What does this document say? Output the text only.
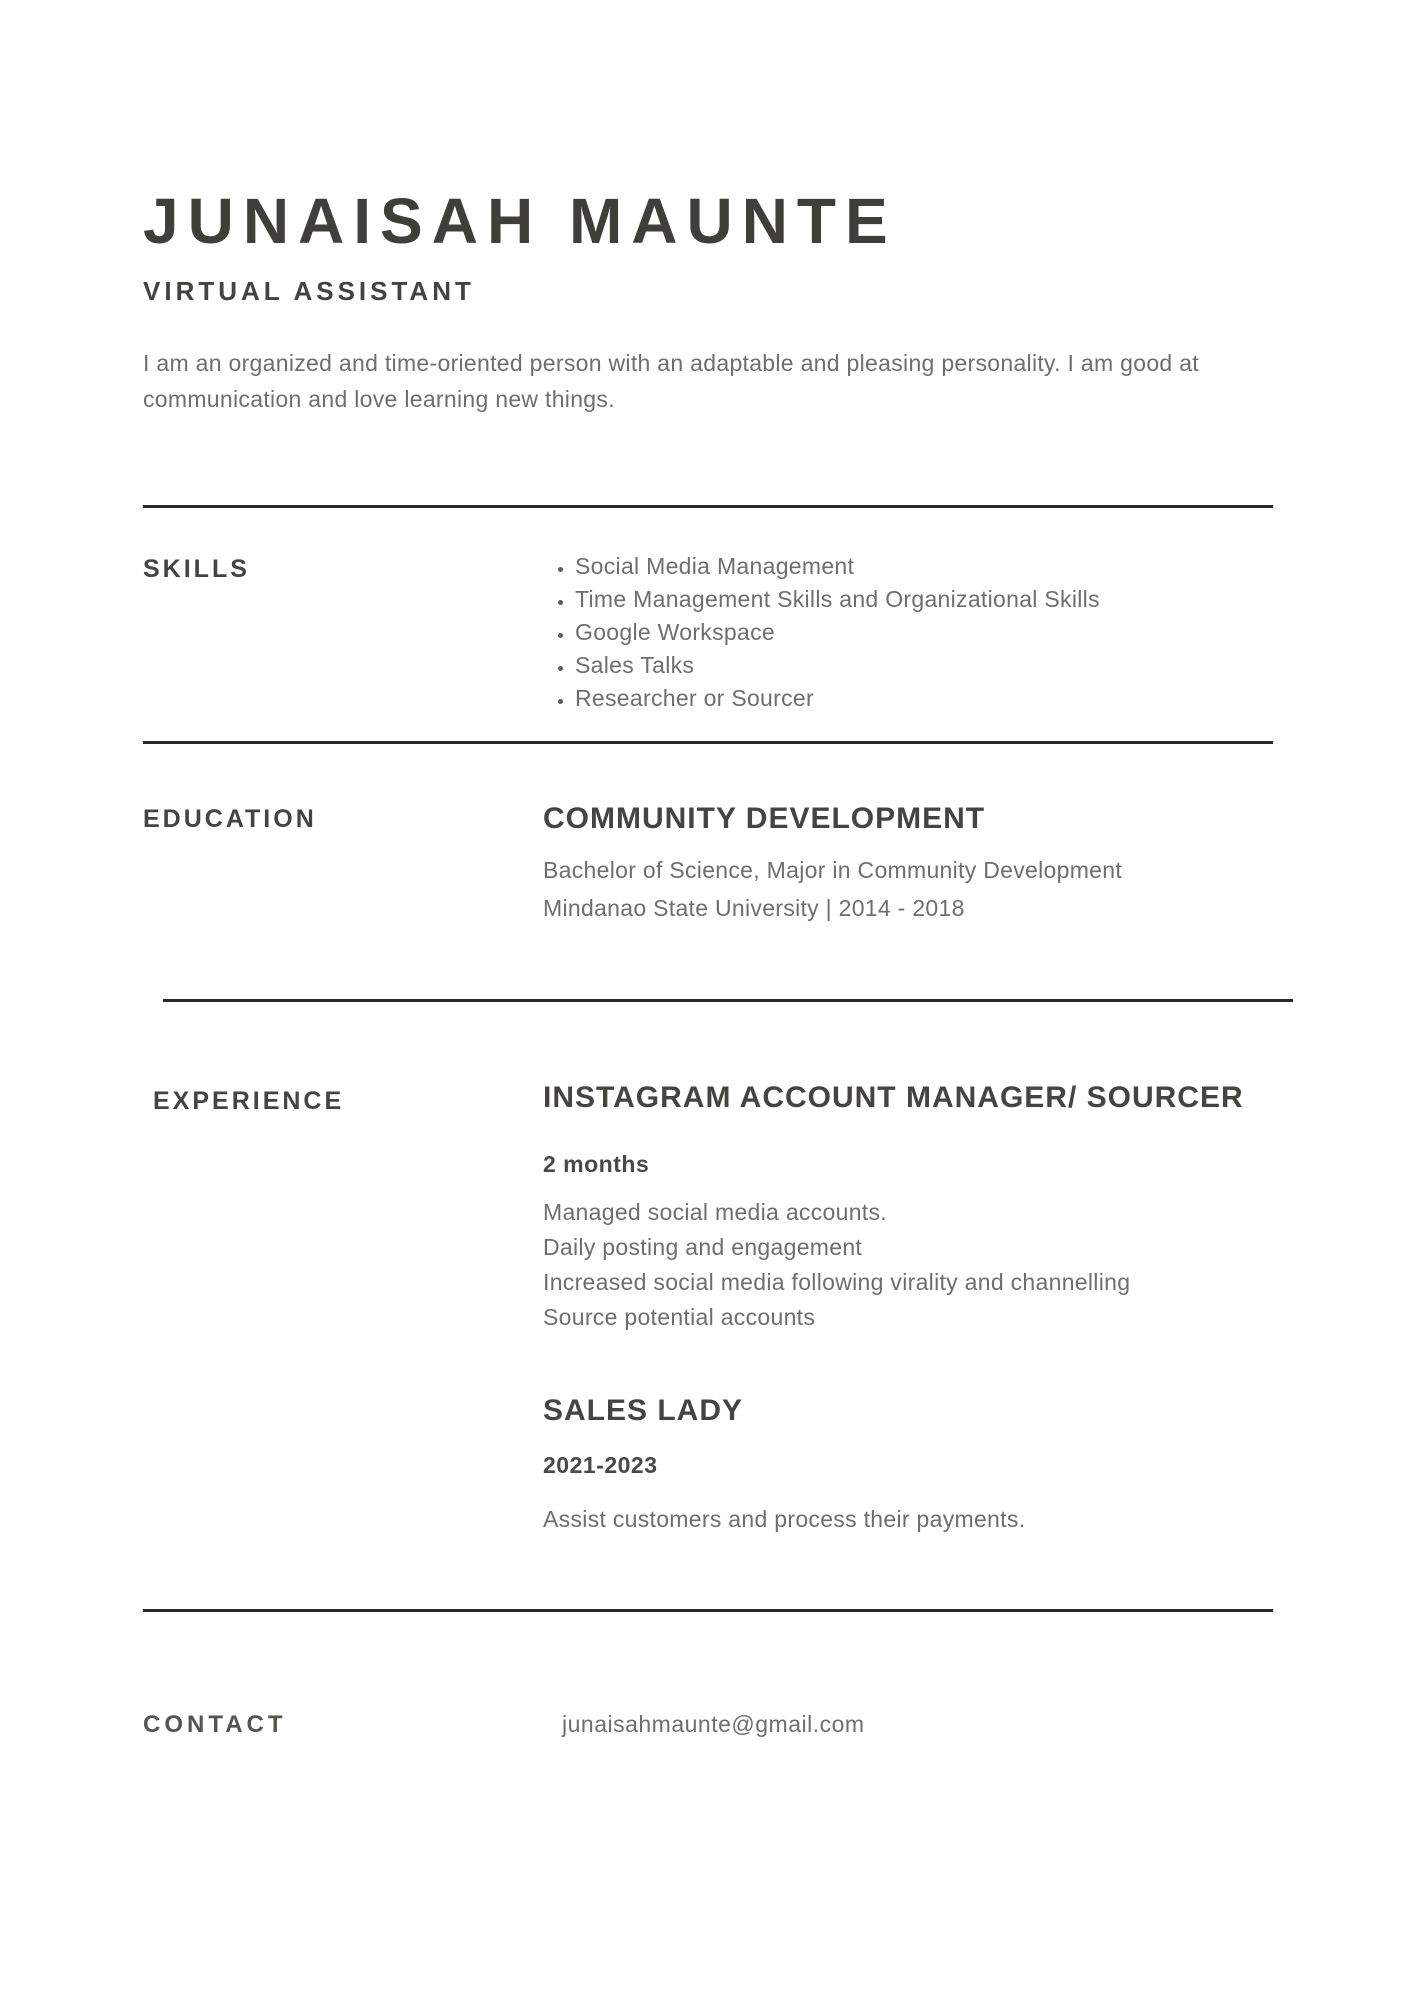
JUNAISAH MAUNTE
VIRTUAL ASSISTANT

I am an organized and time-oriented person with an adaptable and pleasing personality. I am good at communication and love learning new things.

SKILLS	• Social Media Management
• Time Management Skills and Organizational Skills
• Google Workspace
• Sales Talks
• Researcher or Sourcer
EDUCATION	COMMUNITY DEVELOPMENT

Bachelor of Science, Major in Community Development

Mindanao State University | 2014 - 2018

EXPERIENCE	INSTAGRAM ACCOUNT MANAGER/ SOURCER

2 months

Managed social media accounts.

Daily posting and engagement

Increased social media following virality and channelling

Source potential accounts

SALES LADY

2021-2023

Assist customers and process their payments.

CONTACT	junaisahmaunte@gmail.com
